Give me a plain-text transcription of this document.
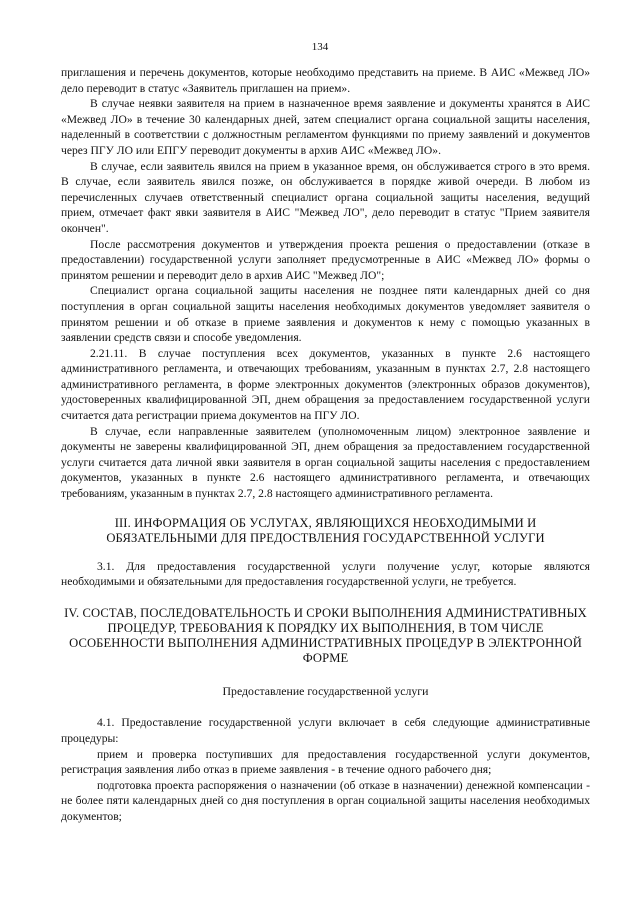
134

приглашения и перечень документов, которые необходимо представить на приеме. В АИС «Межвед ЛО» дело переводит в статус «Заявитель приглашен на прием».

В случае неявки заявителя на прием в назначенное время заявление и документы хранятся в АИС «Межвед ЛО» в течение 30 календарных дней, затем специалист органа социальной защиты населения, наделенный в соответствии с должностным регламентом функциями по приему заявлений и документов через ПГУ ЛО или ЕПГУ переводит документы в архив АИС «Межвед ЛО».

В случае, если заявитель явился на прием в указанное время, он обслуживается строго в это время. В случае, если заявитель явился позже, он обслуживается в порядке живой очереди. В любом из перечисленных случаев ответственный специалист органа социальной защиты населения, ведущий прием, отмечает факт явки заявителя в АИС "Межвед ЛО", дело переводит в статус "Прием заявителя окончен".

После рассмотрения документов и утверждения проекта решения о предоставлении (отказе в предоставлении) государственной услуги заполняет предусмотренные в АИС «Межвед ЛО» формы о принятом решении и переводит дело в архив АИС "Межвед ЛО";

Специалист органа социальной защиты населения не позднее пяти календарных дней со дня поступления в орган социальной защиты населения необходимых документов уведомляет заявителя о принятом решении и об отказе в приеме заявления и документов к нему с помощью указанных в заявлении средств связи и способе уведомления.

2.21.11. В случае поступления всех документов, указанных в пункте 2.6 настоящего административного регламента, и отвечающих требованиям, указанным в пунктах 2.7, 2.8 настоящего административного регламента, в форме электронных документов (электронных образов документов), удостоверенных квалифицированной ЭП, днем обращения за предоставлением государственной услуги считается дата регистрации приема документов на ПГУ ЛО.

В случае, если направленные заявителем (уполномоченным лицом) электронное заявление и документы не заверены квалифицированной ЭП, днем обращения за предоставлением государственной услуги считается дата личной явки заявителя в орган социальной защиты населения с предоставлением документов, указанных в пункте 2.6 настоящего административного регламента, и отвечающих требованиям, указанным в пунктах 2.7, 2.8 настоящего административного регламента.

III. ИНФОРМАЦИЯ ОБ УСЛУГАХ, ЯВЛЯЮЩИХСЯ НЕОБХОДИМЫМИ И ОБЯЗАТЕЛЬНЫМИ ДЛЯ ПРЕДОСТВЛЕНИЯ ГОСУДАРСТВЕННОЙ УСЛУГИ

3.1. Для предоставления государственной услуги получение услуг, которые являются необходимыми и обязательными для предоставления государственной услуги, не требуется.

IV. СОСТАВ, ПОСЛЕДОВАТЕЛЬНОСТЬ И СРОКИ ВЫПОЛНЕНИЯ АДМИНИСТРАТИВНЫХ ПРОЦЕДУР, ТРЕБОВАНИЯ К ПОРЯДКУ ИХ ВЫПОЛНЕНИЯ, В ТОМ ЧИСЛЕ ОСОБЕННОСТИ ВЫПОЛНЕНИЯ АДМИНИСТРАТИВНЫХ ПРОЦЕДУР В ЭЛЕКТРОННОЙ ФОРМЕ
Предоставление государственной услуги

4.1. Предоставление государственной услуги включает в себя следующие административные процедуры:

прием и проверка поступивших для предоставления государственной услуги документов, регистрация заявления либо отказ в приеме заявления - в течение одного рабочего дня;

подготовка проекта распоряжения о назначении (об отказе в назначении) денежной компенсации - не более пяти календарных дней со дня поступления в орган социальной защиты населения необходимых документов;
